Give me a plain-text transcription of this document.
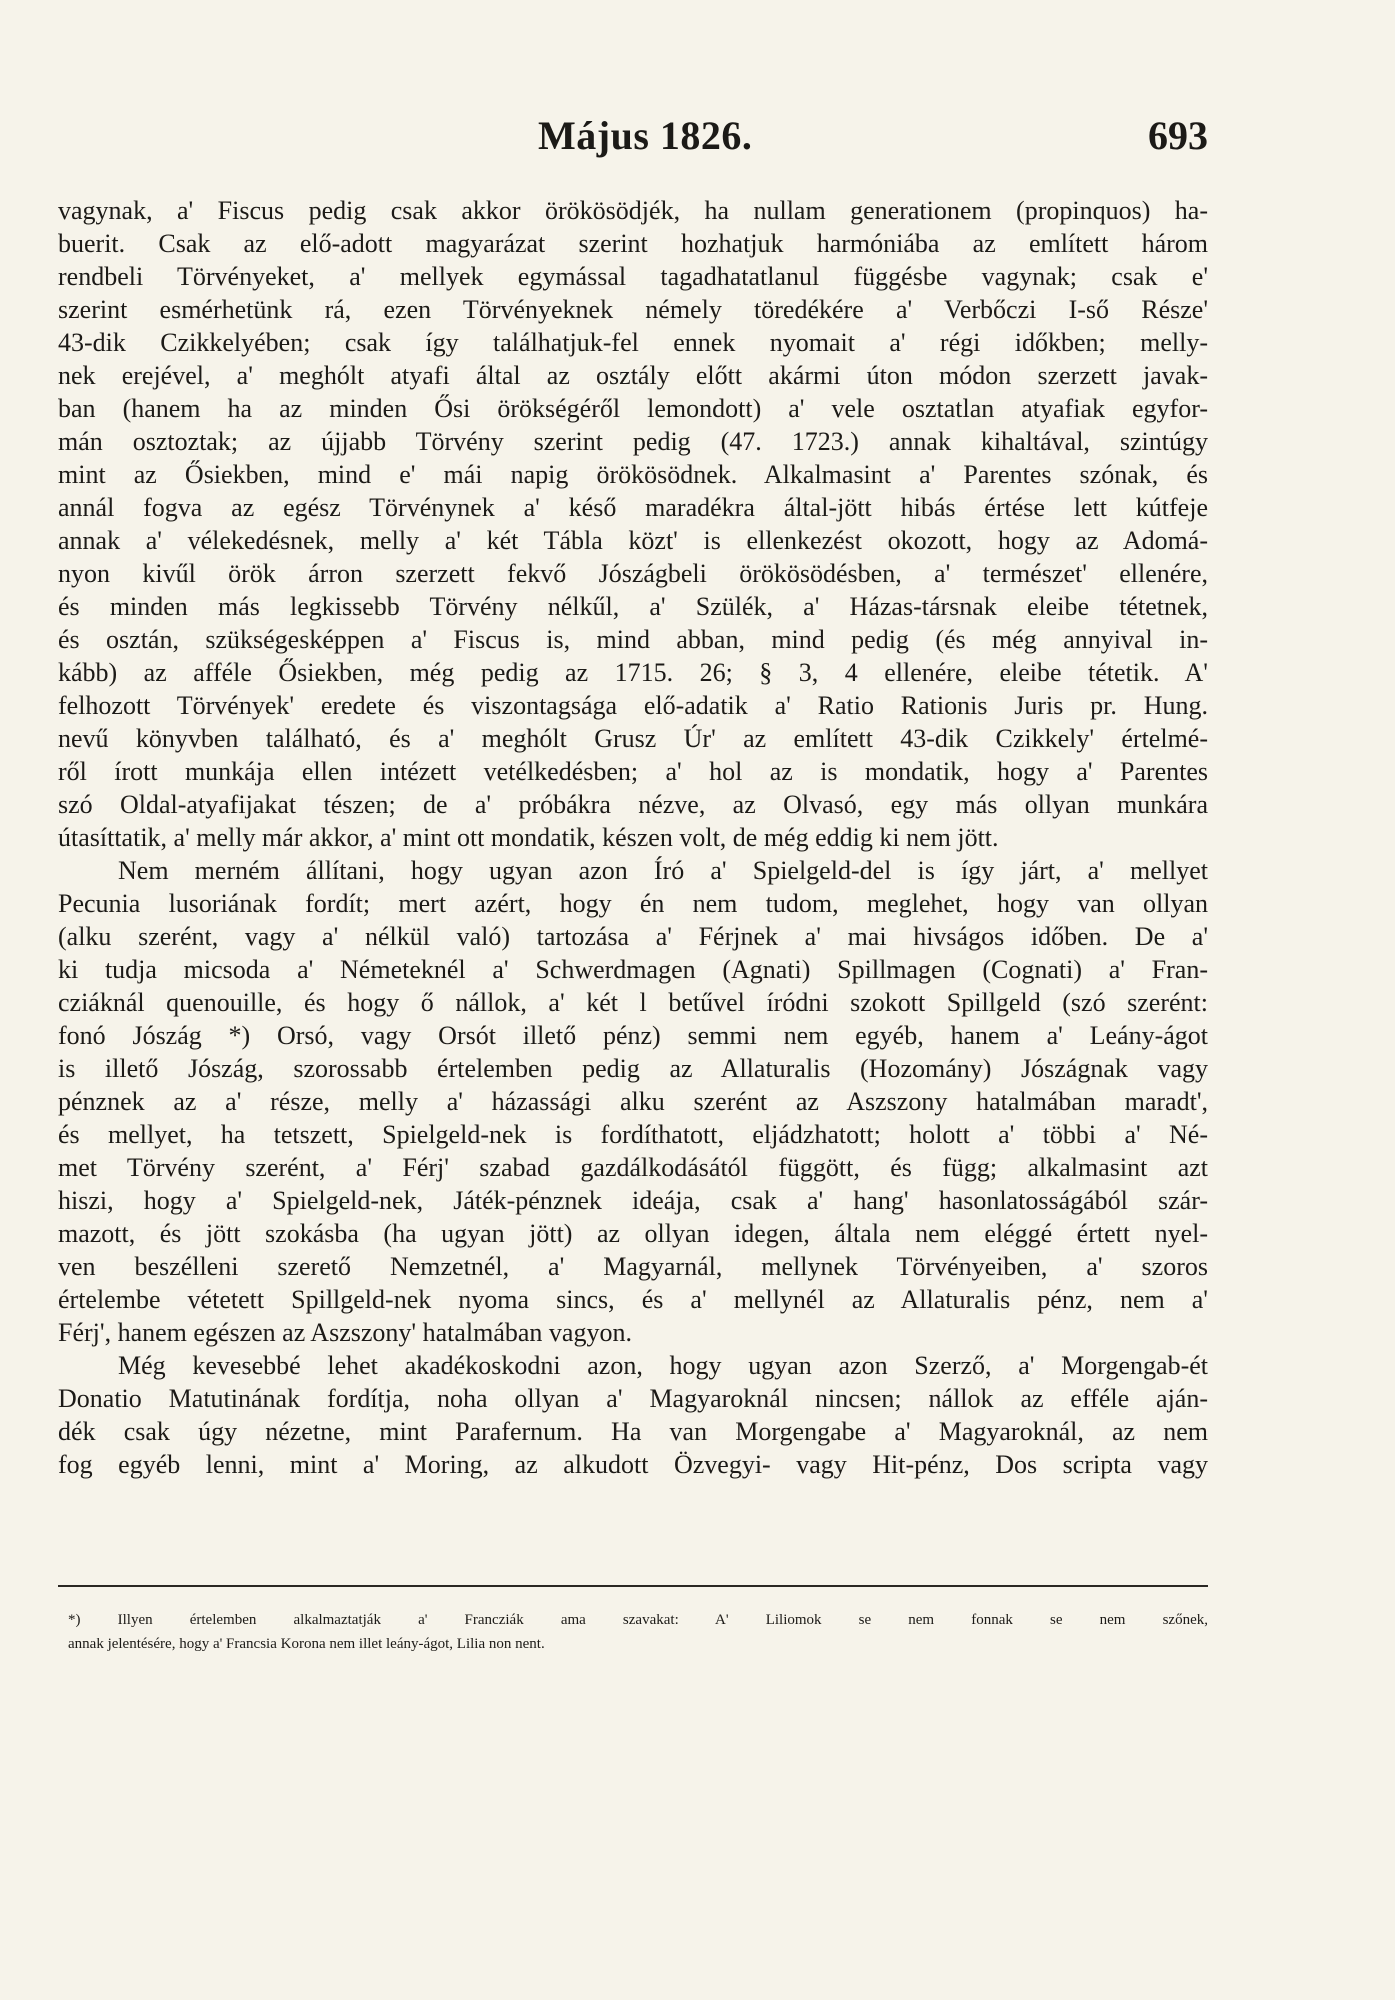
Május 1826.	693
vagynak, a' Fiscus pedig csak akkor örökösödjék, ha nullam generationem (propinquos) ha-
buerit. Csak az elő-adott magyarázat szerint hozhatjuk harmóniába az említett három
rendbeli Törvényeket, a' mellyek egymással tagadhatatlanul függésbe vagynak; csak e'
szerint esmérhetünk rá, ezen Törvényeknek némely töredékére a' Verbőczi I-ső Része'
43-dik Czikkelyében; csak így találhatjuk-fel ennek nyomait a' régi időkben; melly-
nek erejével, a' meghólt atyafi által az osztály előtt akármi úton módon szerzett javak-
ban (hanem ha az minden Ősi örökségéről lemondott) a' vele osztatlan atyafiak egyfor-
mán osztoztak; az újjabb Törvény szerint pedig (47. 1723.) annak kihaltával, szintúgy
mint az Ősiekben, mind e' mái napig örökösödnek. Alkalmasint a' Parentes szónak, és
annál fogva az egész Törvénynek a' késő maradékra által-jött hibás értése lett kútfeje
annak a' vélekedésnek, melly a' két Tábla közt' is ellenkezést okozott, hogy az Adomá-
nyon kivűl örök árron szerzett fekvő Jószágbeli örökösödésben, a' természet' ellenére,
és minden más legkissebb Törvény nélkűl, a' Szülék, a' Házas-társnak eleibe tétetnek,
és osztán, szükségesképpen a' Fiscus is, mind abban, mind pedig (és még annyival in-
kább) az afféle Ősiekben, még pedig az 1715. 26; § 3, 4 ellenére, eleibe tétetik. A'
felhozott Törvények' eredete és viszontagsága elő-adatik a' Ratio Rationis Juris pr. Hung.
nevű könyvben található, és a' meghólt Grusz Úr' az említett 43-dik Czikkely' értelmé-
ről írott munkája ellen intézett vetélkedésben; a' hol az is mondatik, hogy a' Parentes
szó Oldal-atyafijakat tészen; de a' próbákra nézve, az Olvasó, egy más ollyan munkára
útasíttatik, a' melly már akkor, a' mint ott mondatik, készen volt, de még eddig ki nem jött.
Nem merném állítani, hogy ugyan azon Író a' Spielgeld-del is így járt, a' mellyet
Pecunia lusoriának fordít; mert azért, hogy én nem tudom, meglehet, hogy van ollyan
(alku szerént, vagy a' nélkül való) tartozása a' Férjnek a' mai hivságos időben. De a'
ki tudja micsoda a' Németeknél a' Schwerdmagen (Agnati) Spillmagen (Cognati) a' Fran-
cziáknál quenouille, és hogy ő nállok, a' két l betűvel íródni szokott Spillgeld (szó szerént:
fonó Jószág *) Orsó, vagy Orsót illető pénz) semmi nem egyéb, hanem a' Leány-ágot
is illető Jószág, szorossabb értelemben pedig az Allaturalis (Hozomány) Jószágnak vagy
pénznek az a' része, melly a' házassági alku szerént az Aszszony hatalmában maradt',
és mellyet, ha tetszett, Spielgeld-nek is fordíthatott, eljádzhatott; holott a' többi a' Né-
met Törvény szerént, a' Férj' szabad gazdálkodásától függött, és függ; alkalmasint azt
hiszi, hogy a' Spielgeld-nek, Játék-pénznek ideája, csak a' hang' hasonlatosságából szár-
mazott, és jött szokásba (ha ugyan jött) az ollyan idegen, általa nem eléggé értett nyel-
ven beszélleni szerető Nemzetnél, a' Magyarnál, mellynek Törvényeiben, a' szoros
értelembe vétetett Spillgeld-nek nyoma sincs, és a' mellynél az Allaturalis pénz, nem a'
Férj', hanem egészen az Aszszony' hatalmában vagyon.
Még kevesebbé lehet akadékoskodni azon, hogy ugyan azon Szerző, a' Morgengab-ét
Donatio Matutinának fordítja, noha ollyan a' Magyaroknál nincsen; nállok az efféle aján-
dék csak úgy nézetne, mint Parafernum. Ha van Morgengabe a' Magyaroknál, az nem
fog egyéb lenni, mint a' Moring, az alkudott Özvegyi- vagy Hit-pénz, Dos scripta vagy
*) Illyen értelemben alkalmaztatják a' Francziák ama szavakat: A' Liliomok se nem fonnak se nem szőnek,
annak jelentésére, hogy a' Francsia Korona nem illet leány-ágot, Lilia non nent.
